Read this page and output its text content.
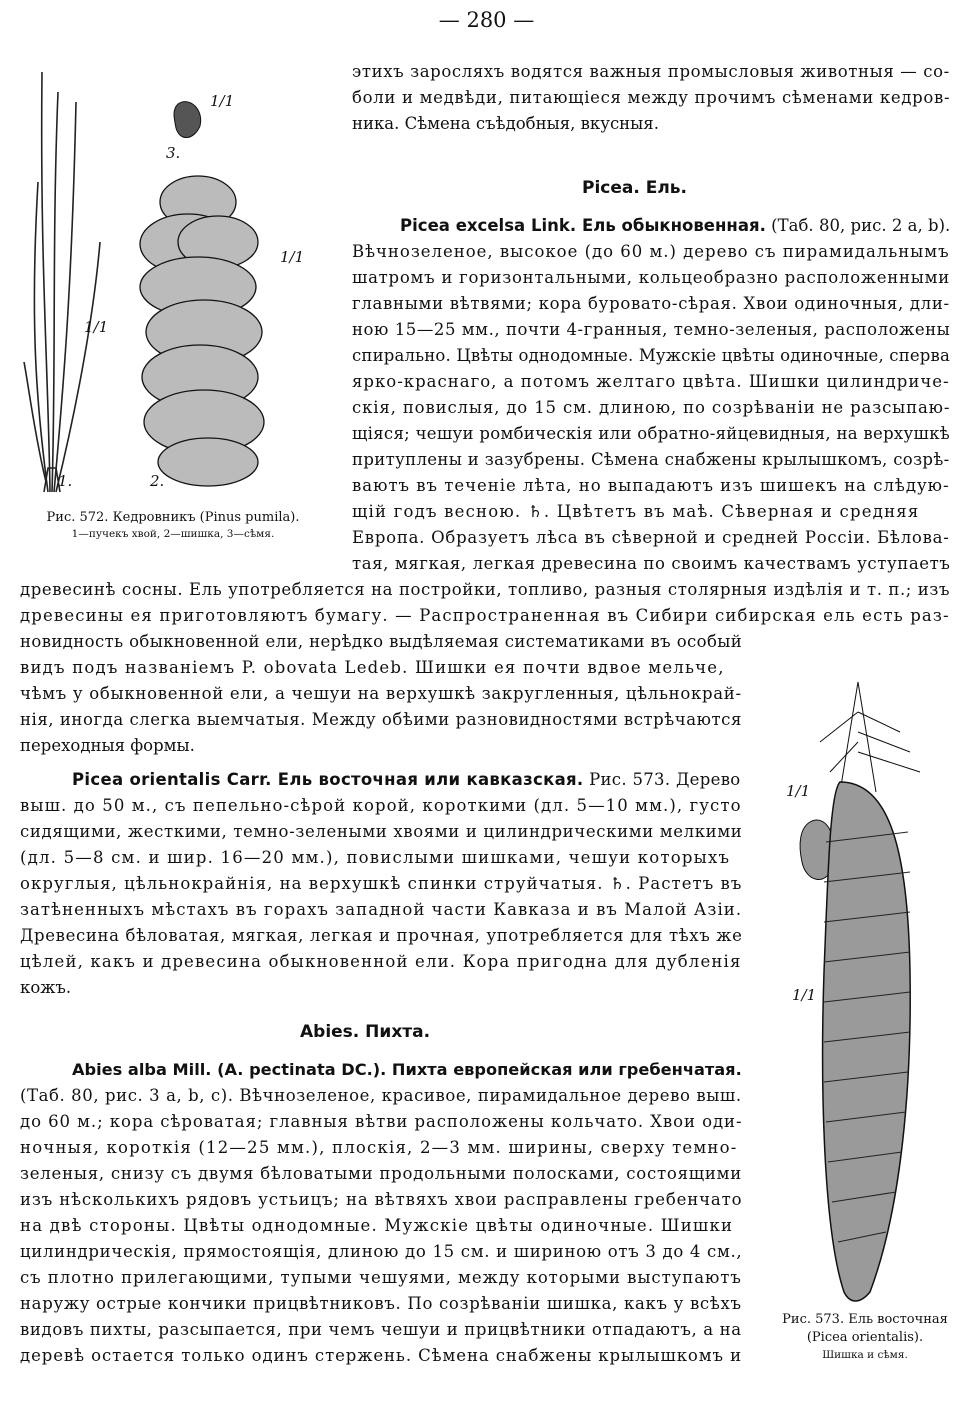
— 280 —
1.	2.
3.
1/1
1/1
1/1
Рис. 572. Кедровникъ (Pinus pumila).
1—пучекъ хвой, 2—шишка, 3—сѣмя.
1/1
1/1
Рис. 573. Ель восточная
(Picea orientalis).
Шишка и сѣмя.
этихъ заросляхъ водятся важныя промысловыя животныя — со-
боли и медвѣди, питающіеся между прочимъ сѣменами кедров-
ника. Сѣмена съѣдобныя, вкусныя.
Picea. Ель.
Picea excelsa Link. Ель обыкновенная. (Таб. 80, рис. 2 a, b).
Вѣчнозеленое, высокое (до 60 м.) дерево съ пирамидальнымъ
шатромъ и горизонтальными, кольцеобразно расположенными
главными вѣтвями; кора буровато-сѣрая. Хвои одиночныя, дли-
ною 15—25 мм., почти 4-гранныя, темно-зеленыя, расположены
спирально. Цвѣты однодомные. Мужскіе цвѣты одиночные, сперва
ярко-краснаго, а потомъ желтаго цвѣта. Шишки цилиндриче-
скія, повислыя, до 15 см. длиною, по созрѣваніи не разсыпаю-
щіяся; чешуи ромбическія или обратно-яйцевидныя, на верхушкѣ
притуплены и зазубрены. Сѣмена снабжены крылышкомъ, созрѣ-
ваютъ въ теченіе лѣта, но выпадаютъ изъ шишекъ на слѣдую-
щій годъ весною. ♄. Цвѣтетъ въ маѣ. Сѣверная и средняя
Европа. Образуетъ лѣса въ сѣверной и средней Россіи. Бѣлова-
тая, мягкая, легкая древесина по своимъ качествамъ уступаетъ
древесинѣ сосны. Ель употребляется на постройки, топливо, разныя столярныя издѣлія и т. п.; изъ
древесины ея приготовляютъ бумагу. — Распространенная въ Сибири сибирская ель есть раз-
новидность обыкновенной ели, нерѣдко выдѣляемая систематиками въ особый
видъ подъ названіемъ P. obovata Ledeb. Шишки ея почти вдвое мельче,
чѣмъ у обыкновенной ели, а чешуи на верхушкѣ закругленныя, цѣльнокрай-
нія, иногда слегка выемчатыя. Между обѣими разновидностями встрѣчаются
переходныя формы.
Picea orientalis Carr. Ель восточная или кавказская. Рис. 573. Дерево
выш. до 50 м., съ пепельно-сѣрой корой, короткими (дл. 5—10 мм.), густо
сидящими, жесткими, темно-зелеными хвоями и цилиндрическими мелкими
(дл. 5—8 см. и шир. 16—20 мм.), повислыми шишками, чешуи которыхъ
округлыя, цѣльнокрайнія, на верхушкѣ спинки струйчатыя. ♄. Растетъ въ
затѣненныхъ мѣстахъ въ горахъ западной части Кавказа и въ Малой Азіи.
Древесина бѣловатая, мягкая, легкая и прочная, употребляется для тѣхъ же
цѣлей, какъ и древесина обыкновенной ели. Кора пригодна для дубленія
кожъ.
Abies. Пихта.
Abies alba Mill. (A. pectinata DC.). Пихта европейская или гребенчатая.
(Таб. 80, рис. 3 a, b, c). Вѣчнозеленое, красивое, пирамидальное дерево выш.
до 60 м.; кора сѣроватая; главныя вѣтви расположены кольчато. Хвои оди-
ночныя, короткія (12—25 мм.), плоскія, 2—3 мм. ширины, сверху темно-
зеленыя, снизу съ двумя бѣловатыми продольными полосками, состоящими
изъ нѣсколькихъ рядовъ устьицъ; на вѣтвяхъ хвои расправлены гребенчато
на двѣ стороны. Цвѣты однодомные. Мужскіе цвѣты одиночные. Шишки
цилиндрическія, прямостоящія, длиною до 15 см. и шириною отъ 3 до 4 см.,
съ плотно прилегающими, тупыми чешуями, между которыми выступаютъ
наружу острые кончики прицвѣтниковъ. По созрѣваніи шишка, какъ у всѣхъ
видовъ пихты, разсыпается, при чемъ чешуи и прицвѣтники отпадаютъ, а на
деревѣ остается только одинъ стержень. Сѣмена снабжены крылышкомъ и
